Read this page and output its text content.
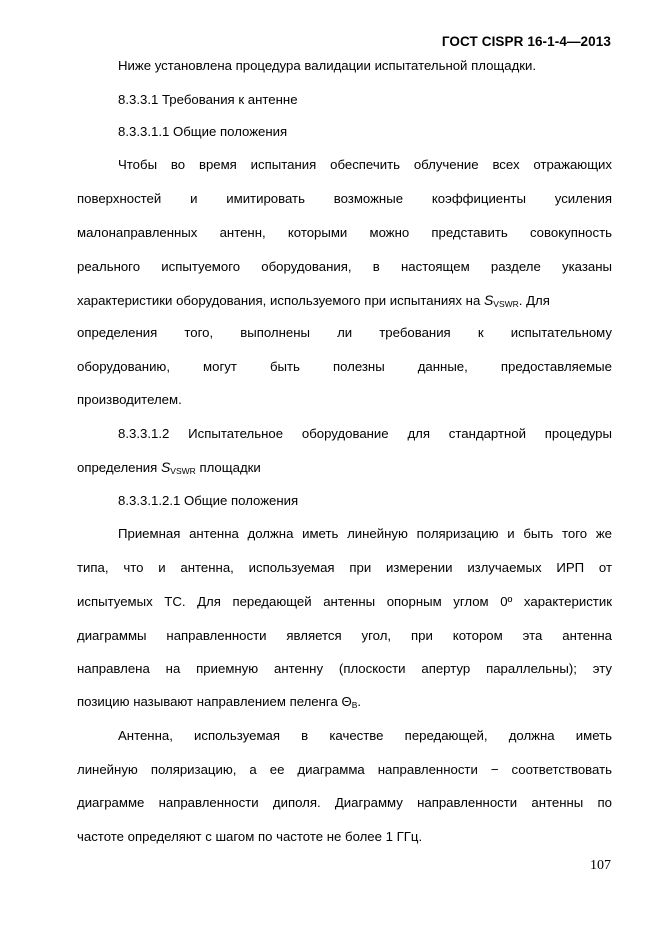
ГОСТ CISPR 16-1-4—2013
Ниже установлена процедура валидации испытательной площадки.
8.3.3.1 Требования к антенне
8.3.3.1.1 Общие положения
Чтобы во время испытания обеспечить облучение всех отражающих
поверхностей и имитировать возможные коэффициенты усиления
малонаправленных антенн, которыми можно представить совокупность
реального испытуемого оборудования, в настоящем разделе указаны
характеристики оборудования, используемого при испытаниях на $S_{VSWR}$. Для
определения того, выполнены ли требования к испытательному
оборудованию, могут быть полезны данные, предоставляемые
производителем.
8.3.3.1.2 Испытательное оборудование для стандартной процедуры
определения $S_{VSWR}$ площадки
8.3.3.1.2.1 Общие положения
Приемная антенна должна иметь линейную поляризацию и быть того же
типа, что и антенна, используемая при измерении излучаемых ИРП от
испытуемых ТС. Для передающей антенны опорным углом 0º характеристик
диаграммы направленности является угол, при котором эта антенна
направлена на приемную антенну (плоскости апертур параллельны); эту
позицию называют направлением пеленга $\Theta_B$.
Антенна, используемая в качестве передающей, должна иметь
линейную поляризацию, а ее диаграмма направленности − соответствовать
диаграмме направленности диполя. Диаграмму направленности антенны по
частоте определяют с шагом по частоте не более 1 ГГц.
107
